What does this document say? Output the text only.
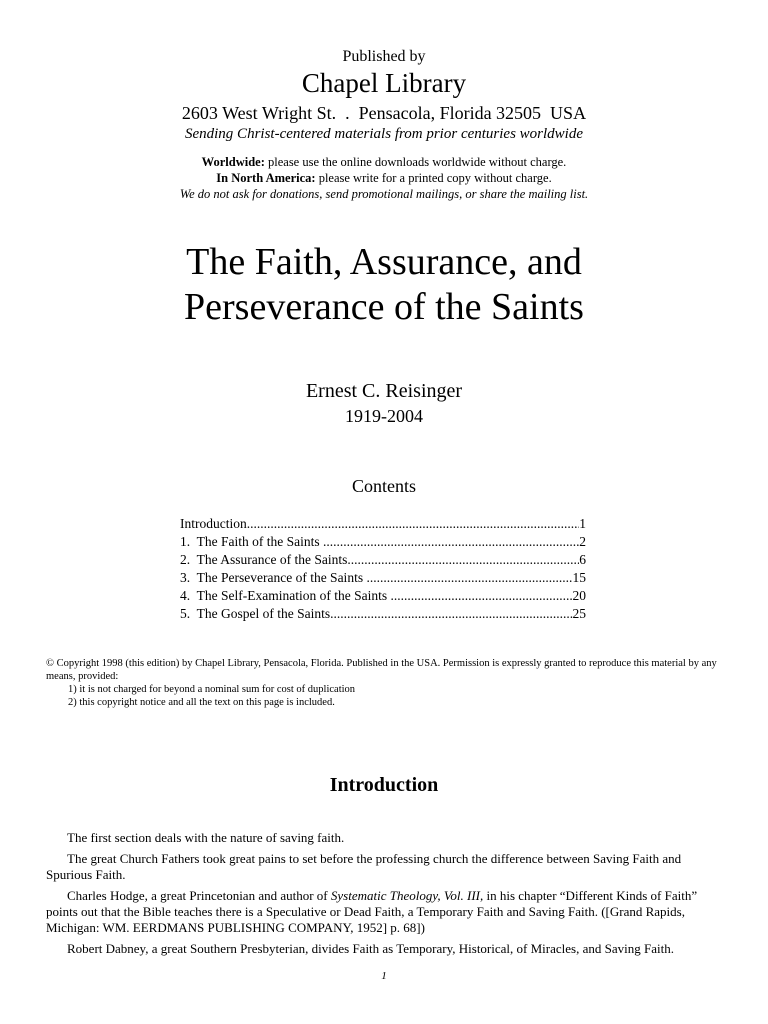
Published by
Chapel Library
2603 West Wright St.  .  Pensacola, Florida 32505  USA
Sending Christ-centered materials from prior centuries worldwide
Worldwide: please use the online downloads worldwide without charge.
In North America: please write for a printed copy without charge.
We do not ask for donations, send promotional mailings, or share the mailing list.
The Faith, Assurance, and
Perseverance of the Saints
Ernest C. Reisinger
1919-2004
Contents
Introduction .....	1
1.  The Faith of the Saints .....	2
2.  The Assurance of the Saints .....	6
3.  The Perseverance of the Saints .....	15
4.  The Self-Examination of the Saints .....	20
5.  The Gospel of the Saints .....	25
© Copyright 1998 (this edition) by Chapel Library, Pensacola, Florida. Published in the USA. Permission is expressly granted to reproduce this material by any means, provided:
1) it is not charged for beyond a nominal sum for cost of duplication
2) this copyright notice and all the text on this page is included.
Introduction

The first section deals with the nature of saving faith.

The great Church Fathers took great pains to set before the professing church the difference between Saving Faith and Spurious Faith.

Charles Hodge, a great Princetonian and author of Systematic Theology, Vol. III, in his chapter “Different Kinds of Faith” points out that the Bible teaches there is a Speculative or Dead Faith, a Temporary Faith and Saving Faith. ([Grand Rapids, Michigan: WM. EERDMANS PUBLISHING COMPANY, 1952] p. 68])

Robert Dabney, a great Southern Presbyterian, divides Faith as Temporary, Historical, of Miracles, and Saving Faith.

1
